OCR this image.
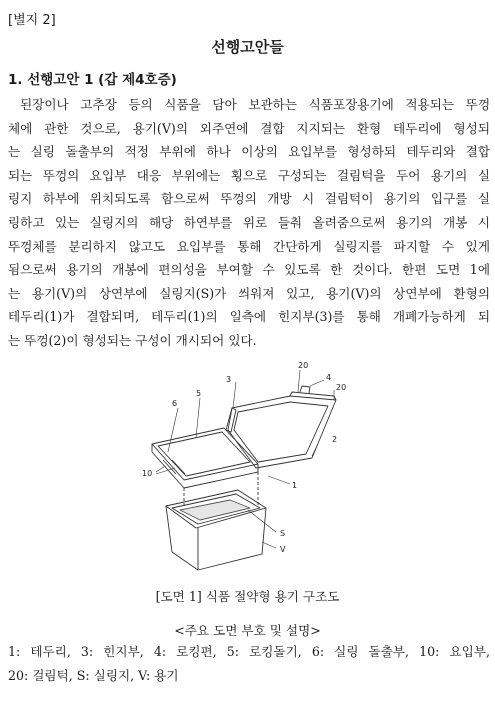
[별지 2]
선행고안들
1. 선행고안 1 (갑 제4호증)
된장이나 고추장 등의 식품을 담아 보관하는 식품포장용기에 적용되는 뚜껑
체에 관한 것으로, 용기(V)의 외주연에 결합 지지되는 환형 테두리에 형성되
는 실링 돌출부의 적정 부위에 하나 이상의 요입부를 형성하되 테두리와 결합
되는 뚜껑의 요입부 대응 부위에는 횡으로 구성되는 걸림턱을 두어 용기의 실
링지 하부에 위치되도록 함으로써 뚜껑의 개방 시 걸림턱이 용기의 입구를 실
링하고 있는 실링지의 해당 하연부를 위로 들춰 올려줌으로써 용기의 개봉 시
뚜껑체를 분리하지 않고도 요입부를 통해 간단하게 실링지를 파지할 수 있게
됨으로써 용기의 개봉에 편의성을 부여할 수 있도록 한 것이다. 한편 도면 1에
는 용기(V)의 상연부에 실링지(S)가 씌워져 있고, 용기(V)의 상연부에 환형의
테두리(1)가 결합되며, 테두리(1)의 일측에 힌지부(3)를 통해 개폐가능하게 되
는 뚜껑(2)이 형성되는 구성이 개시되어 있다.
20
3	4
20
6
5
2
10
1
S
V
[도면 1] 식품 절약형 용기 구조도
<주요 도면 부호 및 설명>
1: 테두리, 3: 힌지부, 4: 로킹편, 5: 로킹돌기, 6: 실링 돌출부, 10: 요입부,
20: 걸림턱, S: 실링지, V: 용기
